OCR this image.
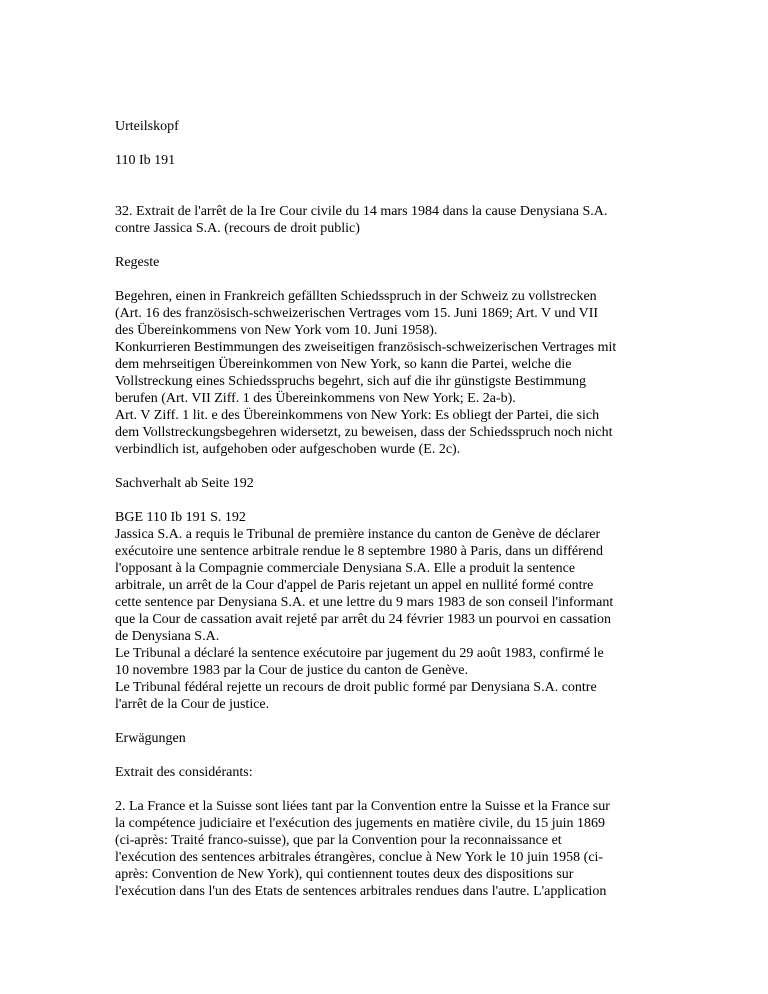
Urteilskopf
110 Ib 191
32. Extrait de l'arrêt de la Ire Cour civile du 14 mars 1984 dans la cause Denysiana S.A.
contre Jassica S.A. (recours de droit public)
Regeste
Begehren, einen in Frankreich gefällten Schiedsspruch in der Schweiz zu vollstrecken
(Art. 16 des französisch-schweizerischen Vertrages vom 15. Juni 1869; Art. V und VII
des Übereinkommens von New York vom 10. Juni 1958).
Konkurrieren Bestimmungen des zweiseitigen französisch-schweizerischen Vertrages mit
dem mehrseitigen Übereinkommen von New York, so kann die Partei, welche die
Vollstreckung eines Schiedsspruchs begehrt, sich auf die ihr günstigste Bestimmung
berufen (Art. VII Ziff. 1 des Übereinkommens von New York; E. 2a-b).
Art. V Ziff. 1 lit. e des Übereinkommens von New York: Es obliegt der Partei, die sich
dem Vollstreckungsbegehren widersetzt, zu beweisen, dass der Schiedsspruch noch nicht
verbindlich ist, aufgehoben oder aufgeschoben wurde (E. 2c).
Sachverhalt ab Seite 192
BGE 110 Ib 191 S. 192
Jassica S.A. a requis le Tribunal de première instance du canton de Genève de déclarer
exécutoire une sentence arbitrale rendue le 8 septembre 1980 à Paris, dans un différend
l'opposant à la Compagnie commerciale Denysiana S.A. Elle a produit la sentence
arbitrale, un arrêt de la Cour d'appel de Paris rejetant un appel en nullité formé contre
cette sentence par Denysiana S.A. et une lettre du 9 mars 1983 de son conseil l'informant
que la Cour de cassation avait rejeté par arrêt du 24 février 1983 un pourvoi en cassation
de Denysiana S.A.
Le Tribunal a déclaré la sentence exécutoire par jugement du 29 août 1983, confirmé le
10 novembre 1983 par la Cour de justice du canton de Genève.
Le Tribunal fédéral rejette un recours de droit public formé par Denysiana S.A. contre
l'arrêt de la Cour de justice.
Erwägungen
Extrait des considérants:
2. La France et la Suisse sont liées tant par la Convention entre la Suisse et la France sur
la compétence judiciaire et l'exécution des jugements en matière civile, du 15 juin 1869
(ci-après: Traité franco-suisse), que par la Convention pour la reconnaissance et
l'exécution des sentences arbitrales étrangères, conclue à New York le 10 juin 1958 (ci-
après: Convention de New York), qui contiennent toutes deux des dispositions sur
l'exécution dans l'un des Etats de sentences arbitrales rendues dans l'autre. L'application
